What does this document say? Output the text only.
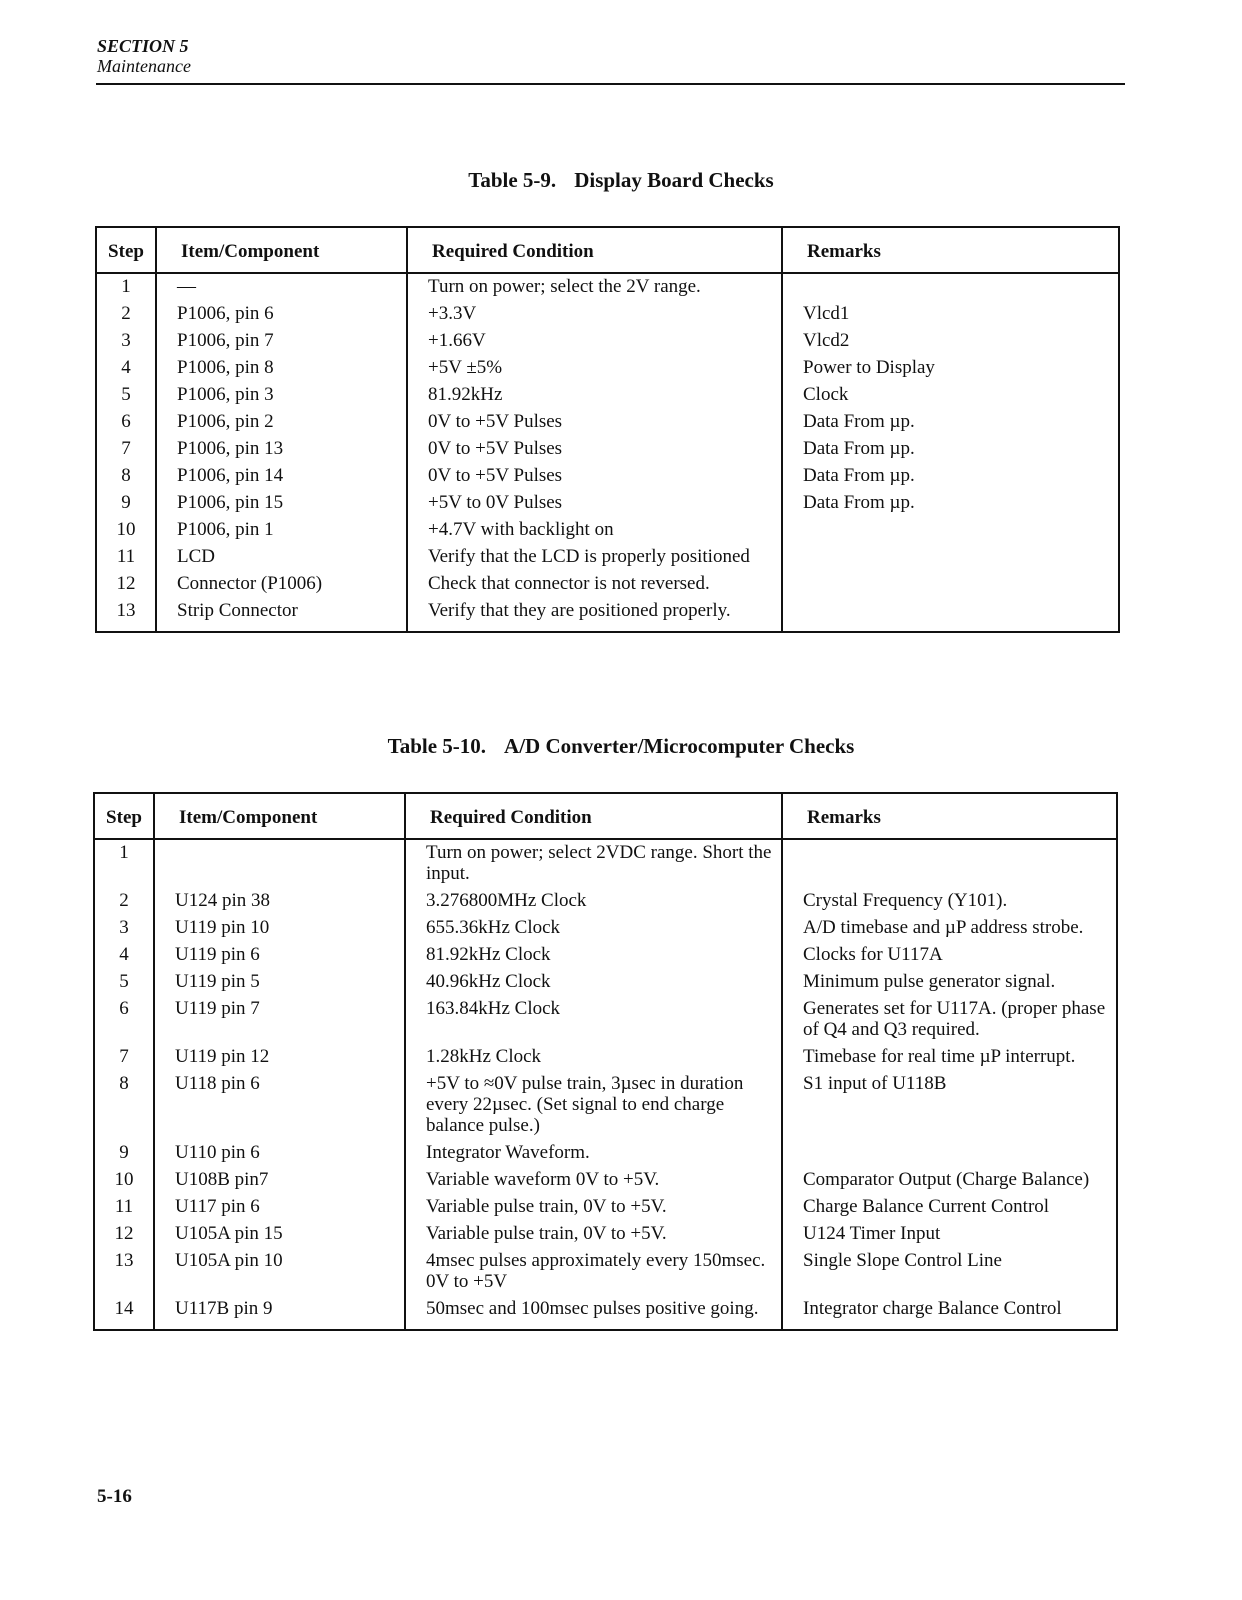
SECTION 5
Maintenance
Table 5-9. Display Board Checks
Step	Item/Component	Required Condition	Remarks
1	—	Turn on power; select the 2V range.	
2	P1006, pin 6	+3.3V	Vlcd1
3	P1006, pin 7	+1.66V	Vlcd2
4	P1006, pin 8	+5V ±5%	Power to Display
5	P1006, pin 3	81.92kHz	Clock
6	P1006, pin 2	0V to +5V Pulses	Data From µp.
7	P1006, pin 13	0V to +5V Pulses	Data From µp.
8	P1006, pin 14	0V to +5V Pulses	Data From µp.
9	P1006, pin 15	+5V to 0V Pulses	Data From µp.
10	P1006, pin 1	+4.7V with backlight on	
11	LCD	Verify that the LCD is properly positioned	
12	Connector (P1006)	Check that connector is not reversed.	
13	Strip Connector	Verify that they are positioned properly.	
Table 5-10. A/D Converter/Microcomputer Checks
Step	Item/Component	Required Condition	Remarks
1		Turn on power; select 2VDC range. Short the input.	
2	U124 pin 38	3.276800MHz Clock	Crystal Frequency (Y101).
3	U119 pin 10	655.36kHz Clock	A/D timebase and µP address strobe.
4	U119 pin 6	81.92kHz Clock	Clocks for U117A
5	U119 pin 5	40.96kHz Clock	Minimum pulse generator signal.
6	U119 pin 7	163.84kHz Clock	Generates set for U117A. (proper phase of Q4 and Q3 required.
7	U119 pin 12	1.28kHz Clock	Timebase for real time µP interrupt.
8	U118 pin 6	+5V to ≈0V pulse train, 3µsec in duration every 22µsec. (Set signal to end charge balance pulse.)	S1 input of U118B
9	U110 pin 6	Integrator Waveform.	
10	U108B pin7	Variable waveform 0V to +5V.	Comparator Output (Charge Balance)
11	U117 pin 6	Variable pulse train, 0V to +5V.	Charge Balance Current Control
12	U105A pin 15	Variable pulse train, 0V to +5V.	U124 Timer Input
13	U105A pin 10	4msec pulses approximately every 150msec. 0V to +5V	Single Slope Control Line
14	U117B pin 9	50msec and 100msec pulses positive going.	Integrator charge Balance Control
5-16
